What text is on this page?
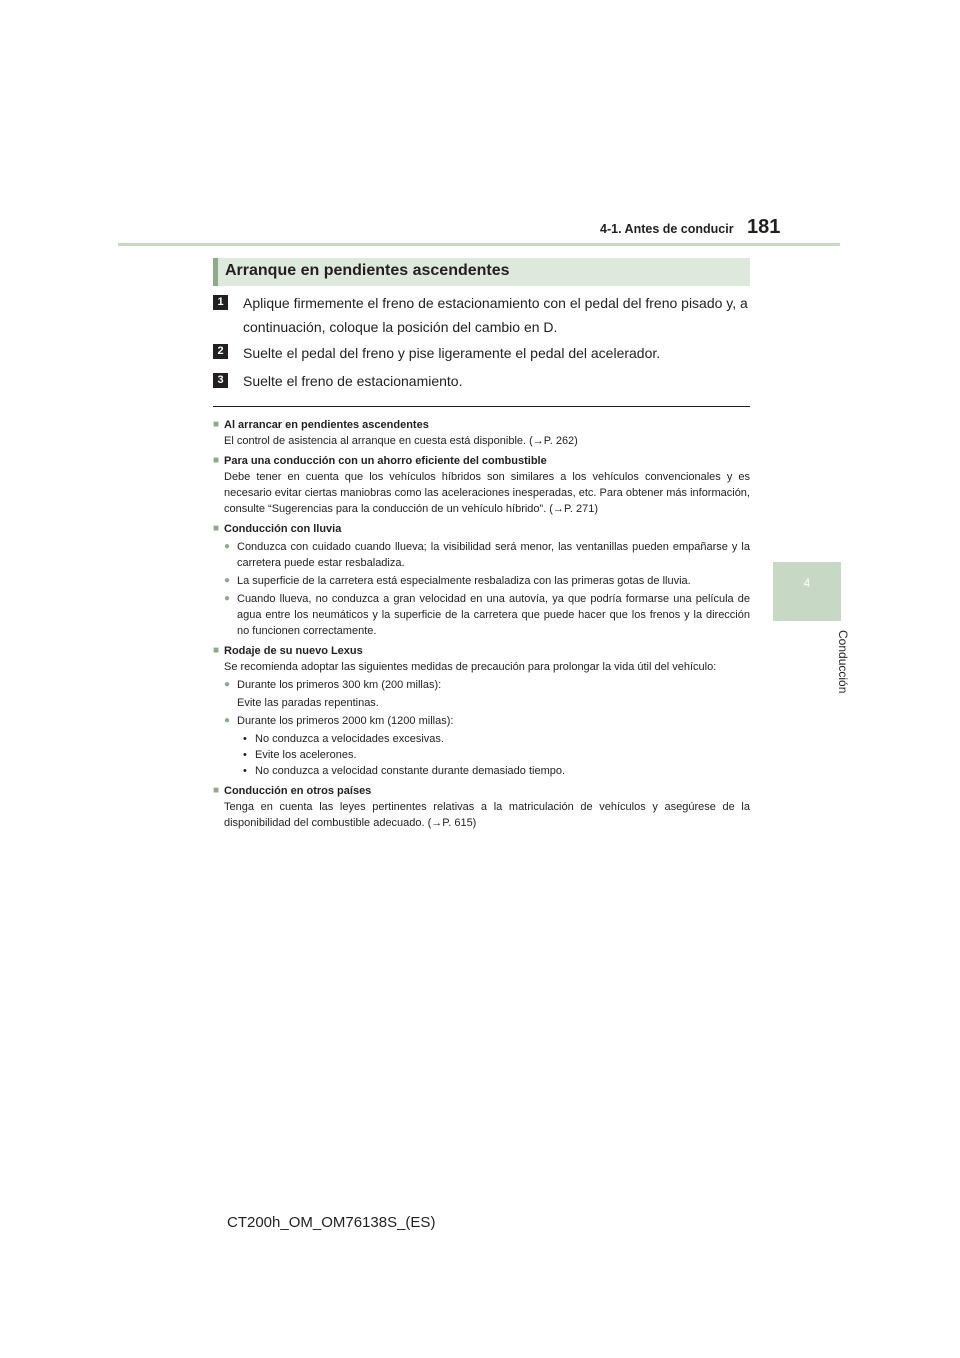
4-1. Antes de conducir 181
4
Conducción
Arranque en pendientes ascendentes
1	Aplique firmemente el freno de estacionamiento con el pedal del freno pisado y, a continuación, coloque la posición del cambio en D.
2	Suelte el pedal del freno y pise ligeramente el pedal del acelerador.
3	Suelte el freno de estacionamiento.
■ Al arrancar en pendientes ascendentes

El control de asistencia al arranque en cuesta está disponible. (→P. 262)

■ Para una conducción con un ahorro eficiente del combustible

Debe tener en cuenta que los vehículos híbridos son similares a los vehículos convencionales y es necesario evitar ciertas maniobras como las aceleraciones inesperadas, etc. Para obtener más información, consulte “Sugerencias para la conducción de un vehículo híbrido”. (→P. 271)

■ Conducción con lluvia
● Conduzca con cuidado cuando llueva; la visibilidad será menor, las ventanillas pueden empañarse y la carretera puede estar resbaladiza.
● La superficie de la carretera está especialmente resbaladiza con las primeras gotas de lluvia.
● Cuando llueva, no conduzca a gran velocidad en una autovía, ya que podría formarse una película de agua entre los neumáticos y la superficie de la carretera que puede hacer que los frenos y la dirección no funcionen correctamente.
■ Rodaje de su nuevo Lexus

Se recomienda adoptar las siguientes medidas de precaución para prolongar la vida útil del vehículo:

● Durante los primeros 300 km (200 millas):

Evite las paradas repentinas.

● Durante los primeros 2000 km (1200 millas):
• No conduzca a velocidades excesivas.
• Evite los acelerones.
• No conduzca a velocidad constante durante demasiado tiempo.
■ Conducción en otros países

Tenga en cuenta las leyes pertinentes relativas a la matriculación de vehículos y asegúrese de la disponibilidad del combustible adecuado. (→P. 615)

CT200h_OM_OM76138S_(ES)
